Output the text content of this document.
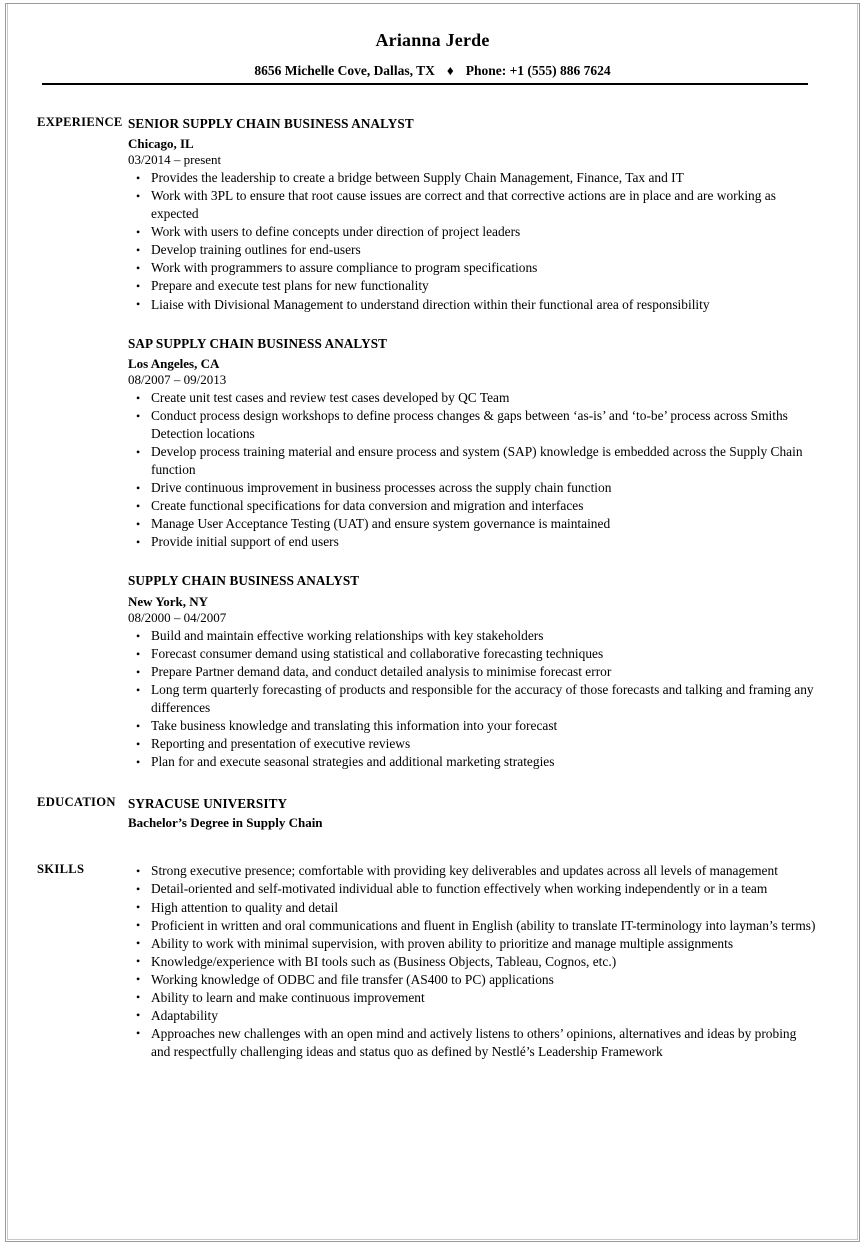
Arianna Jerde
8656 Michelle Cove, Dallas, TX ♦ Phone: +1 (555) 886 7624
EXPERIENCE SENIOR SUPPLY CHAIN BUSINESS ANALYST
Chicago, IL
03/2014 – present
• Provides the leadership to create a bridge between Supply Chain Management, Finance, Tax and IT
• Work with 3PL to ensure that root cause issues are correct and that corrective actions are in place and are working as expected
• Work with users to define concepts under direction of project leaders
• Develop training outlines for end-users
• Work with programmers to assure compliance to program specifications
• Prepare and execute test plans for new functionality
• Liaise with Divisional Management to understand direction within their functional area of responsibility
SAP SUPPLY CHAIN BUSINESS ANALYST
Los Angeles, CA
08/2007 – 09/2013
• Create unit test cases and review test cases developed by QC Team
• Conduct process design workshops to define process changes & gaps between ‘as-is’ and ‘to-be’ process across Smiths Detection locations
• Develop process training material and ensure process and system (SAP) knowledge is embedded across the Supply Chain function
• Drive continuous improvement in business processes across the supply chain function
• Create functional specifications for data conversion and migration and interfaces
• Manage User Acceptance Testing (UAT) and ensure system governance is maintained
• Provide initial support of end users
SUPPLY CHAIN BUSINESS ANALYST
New York, NY
08/2000 – 04/2007
• Build and maintain effective working relationships with key stakeholders
• Forecast consumer demand using statistical and collaborative forecasting techniques
• Prepare Partner demand data, and conduct detailed analysis to minimise forecast error
• Long term quarterly forecasting of products and responsible for the accuracy of those forecasts and talking and framing any differences
• Take business knowledge and translating this information into your forecast
• Reporting and presentation of executive reviews
• Plan for and execute seasonal strategies and additional marketing strategies
EDUCATION SYRACUSE UNIVERSITY
Bachelor’s Degree in Supply Chain
SKILLS	• Strong executive presence; comfortable with providing key deliverables and updates across all levels of management
• Detail-oriented and self-motivated individual able to function effectively when working independently or in a team
• High attention to quality and detail
• Proficient in written and oral communications and fluent in English (ability to translate IT-terminology into layman’s terms)
• Ability to work with minimal supervision, with proven ability to prioritize and manage multiple assignments
• Knowledge/experience with BI tools such as (Business Objects, Tableau, Cognos, etc.)
• Working knowledge of ODBC and file transfer (AS400 to PC) applications
• Ability to learn and make continuous improvement
• Adaptability
• Approaches new challenges with an open mind and actively listens to others’ opinions, alternatives and ideas by probing and respectfully challenging ideas and status quo as defined by Nestlé’s Leadership Framework
